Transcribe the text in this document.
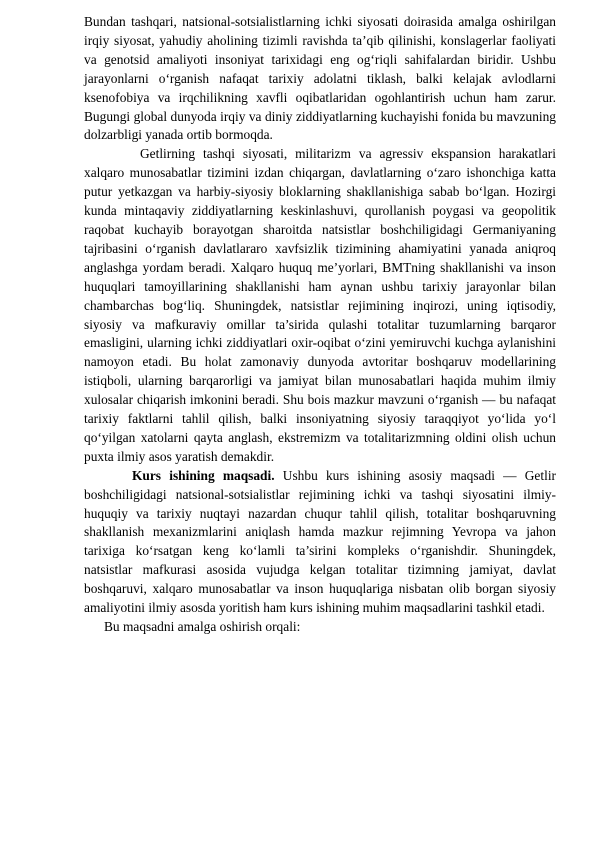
Bundan tashqari, natsional-sotsialistlarning ichki siyosati doirasida amalga oshirilgan irqiy siyosat, yahudiy aholining tizimli ravishda ta’qib qilinishi, konslagerlar faoliyati va genotsid amaliyoti insoniyat tarixidagi eng og‘riqli sahifalardan biridir. Ushbu jarayonlarni o‘rganish nafaqat tarixiy adolatni tiklash, balki kelajak avlodlarni ksenofobiya va irqchilikning xavfli oqibatlaridan ogohlantirish uchun ham zarur. Bugungi global dunyoda irqiy va diniy ziddiyatlarning kuchayishi fonida bu mavzuning dolzarbligi yanada ortib bormoqda.

Getlirning tashqi siyosati, militarizm va agressiv ekspansion harakatlari xalqaro munosabatlar tizimini izdan chiqargan, davlatlarning o‘zaro ishonchiga katta putur yetkazgan va harbiy-siyosiy bloklarning shakllanishiga sabab bo‘lgan. Hozirgi kunda mintaqaviy ziddiyatlarning keskinlashuvi, qurollanish poygasi va geopolitik raqobat kuchayib borayotgan sharoitda natsistlar boshchiligidagi Germaniyaning tajribasini o‘rganish davlatlararo xavfsizlik tizimining ahamiyatini yanada aniqroq anglashga yordam beradi. Xalqaro huquq me’yorlari, BMTning shakllanishi va inson huquqlari tamoyillarining shakllanishi ham aynan ushbu tarixiy jarayonlar bilan chambarchas bog‘liq. Shuningdek, natsistlar rejimining inqirozi, uning iqtisodiy, siyosiy va mafkuraviy omillar ta’sirida qulashi totalitar tuzumlarning barqaror emasligini, ularning ichki ziddiyatlari oxir-oqibat o‘zini yemiruvchi kuchga aylanishini namoyon etadi. Bu holat zamonaviy dunyoda avtoritar boshqaruv modellarining istiqboli, ularning barqarorligi va jamiyat bilan munosabatlari haqida muhim ilmiy xulosalar chiqarish imkonini beradi. Shu bois mazkur mavzuni o‘rganish — bu nafaqat tarixiy faktlarni tahlil qilish, balki insoniyatning siyosiy taraqqiyot yo‘lida yo‘l qo‘yilgan xatolarni qayta anglash, ekstremizm va totalitarizmning oldini olish uchun puxta ilmiy asos yaratish demakdir.

Kurs ishining maqsadi. Ushbu kurs ishining asosiy maqsadi — Getlir boshchiligidagi natsional-sotsialistlar rejimining ichki va tashqi siyosatini ilmiy-huquqiy va tarixiy nuqtayi nazardan chuqur tahlil qilish, totalitar boshqaruvning shakllanish mexanizmlarini aniqlash hamda mazkur rejimning Yevropa va jahon tarixiga ko‘rsatgan keng ko‘lamli ta’sirini kompleks o‘rganishdir. Shuningdek, natsistlar mafkurasi asosida vujudga kelgan totalitar tizimning jamiyat, davlat boshqaruvi, xalqaro munosabatlar va inson huquqlariga nisbatan olib borgan siyosiy amaliyotini ilmiy asosda yoritish ham kurs ishining muhim maqsadlarini tashkil etadi.

Bu maqsadni amalga oshirish orqali:
